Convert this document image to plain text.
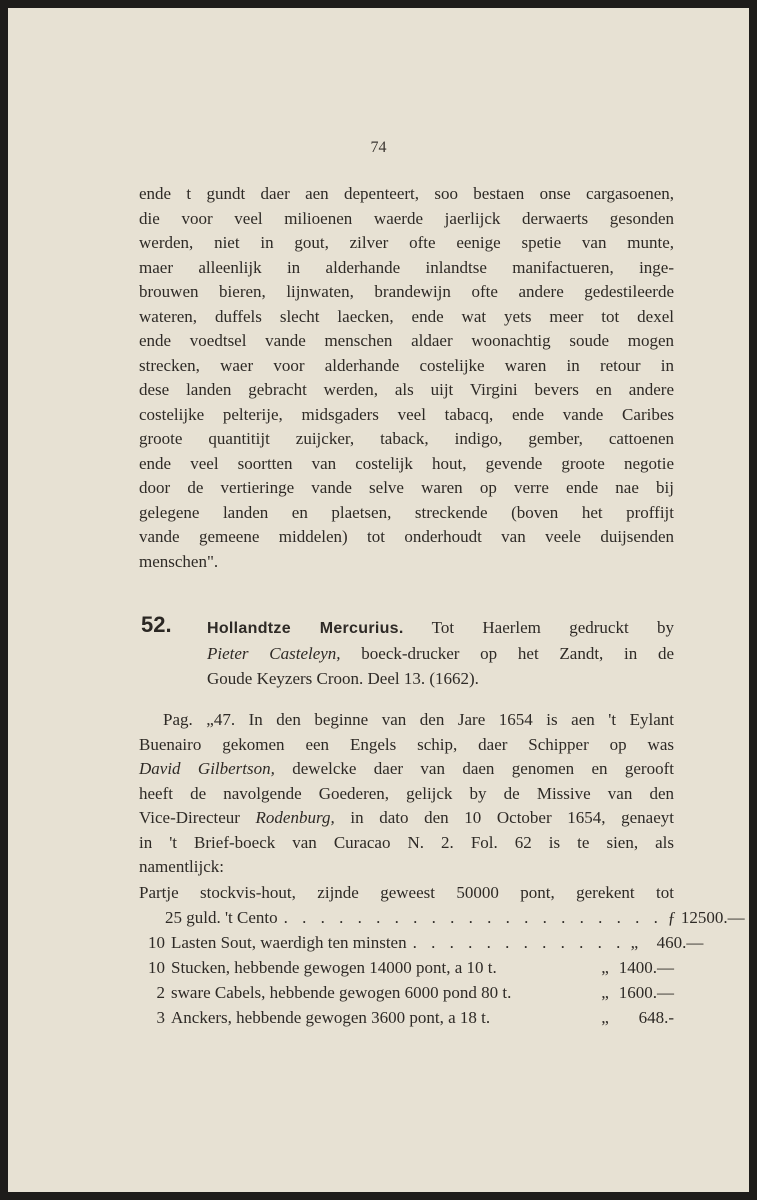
74
ende t gundt daer aen depenteert, soo bestaen onse cargasoenen,
die voor veel milioenen waerde jaerlijck derwaerts gesonden
werden, niet in gout, zilver ofte eenige spetie van munte,
maer alleenlijk in alderhande inlandtse manifactueren, inge-
brouwen bieren, lijnwaten, brandewijn ofte andere gedestileerde
wateren, duffels slecht laecken, ende wat yets meer tot dexel
ende voedtsel vande menschen aldaer woonachtig soude mogen
strecken, waer voor alderhande costelijke waren in retour in
dese landen gebracht werden, als uijt Virgini bevers en andere
costelijke pelterije, midsgaders veel tabacq, ende vande Caribes
groote quantitijt zuijcker, taback, indigo, gember, cattoenen
ende veel soortten van costelijk hout, gevende groote negotie
door de vertieringe vande selve waren op verre ende nae bij
gelegene landen en plaetsen, streckende (boven het proffijt
vande gemeene middelen) tot onderhoudt van veele duijsenden
menschen".
52. Hollandtze Mercurius. Tot Haerlem gedruckt by
Pieter Casteleyn, boeck-drucker op het Zandt, in de
Goude Keyzers Croon. Deel 13. (1662).
Pag. „47. In den beginne van den Jare 1654 is aen 't Eylant
Buenairo gekomen een Engels schip, daer Schipper op was
David Gilbertson, dewelcke daer van daen genomen en gerooft
heeft de navolgende Goederen, gelijck by de Missive van den
Vice-Directeur Rodenburg, in dato den 10 October 1654, genaeyt
in 't Brief-boeck van Curacao N. 2. Fol. 62 is te sien, als
namentlijck:
Partje stockvis-hout, zijnde geweest 50000 pont, gerekent tot
25 guld. 't Cento . . . . . . . . . . . . . . . . . . . . . ƒ 12500.—
10 Lasten Sout, waerdigh ten minsten . . . . . . . . . . . . „	460.—
10 Stucken, hebbende gewogen 14000 pont, a 10 t.	„ 1400.—
2 sware Cabels, hebbende gewogen 6000 pond 80 t.	„ 1600.—
3 Anckers, hebbende gewogen 3600 pont, a 18 t.	„	648.-
